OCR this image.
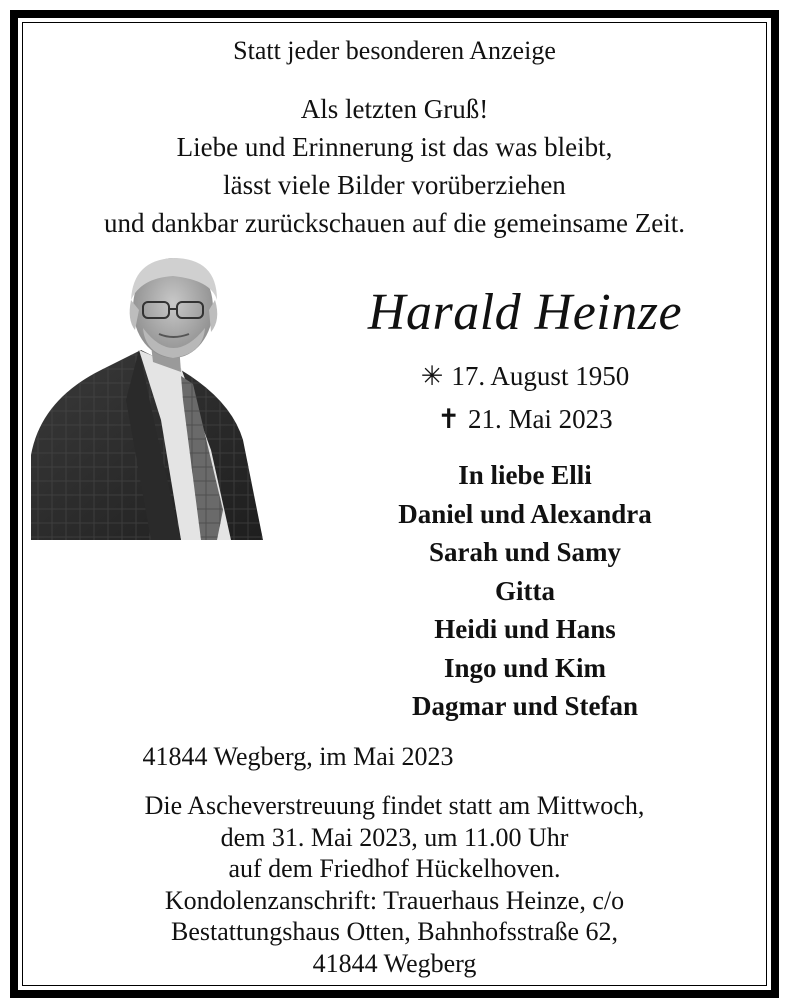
Statt jeder besonderen Anzeige
Als letzten Gruß!
Liebe und Erinnerung ist das was bleibt,
lässt viele Bilder vorüberziehen
und dankbar zurückschauen auf die gemeinsame Zeit.
Harald Heinze
✳ 17. August 1950
✝ 21. Mai 2023
In liebe Elli
Daniel und Alexandra
Sarah und Samy
Gitta
Heidi und Hans
Ingo und Kim
Dagmar und Stefan
41844 Wegberg, im Mai 2023
Die Ascheverstreuung findet statt am Mittwoch,
dem 31. Mai 2023, um 11.00 Uhr
auf dem Friedhof Hückelhoven.
Kondolenzanschrift: Trauerhaus Heinze, c/o
Bestattungshaus Otten, Bahnhofsstraße 62,
41844 Wegberg
